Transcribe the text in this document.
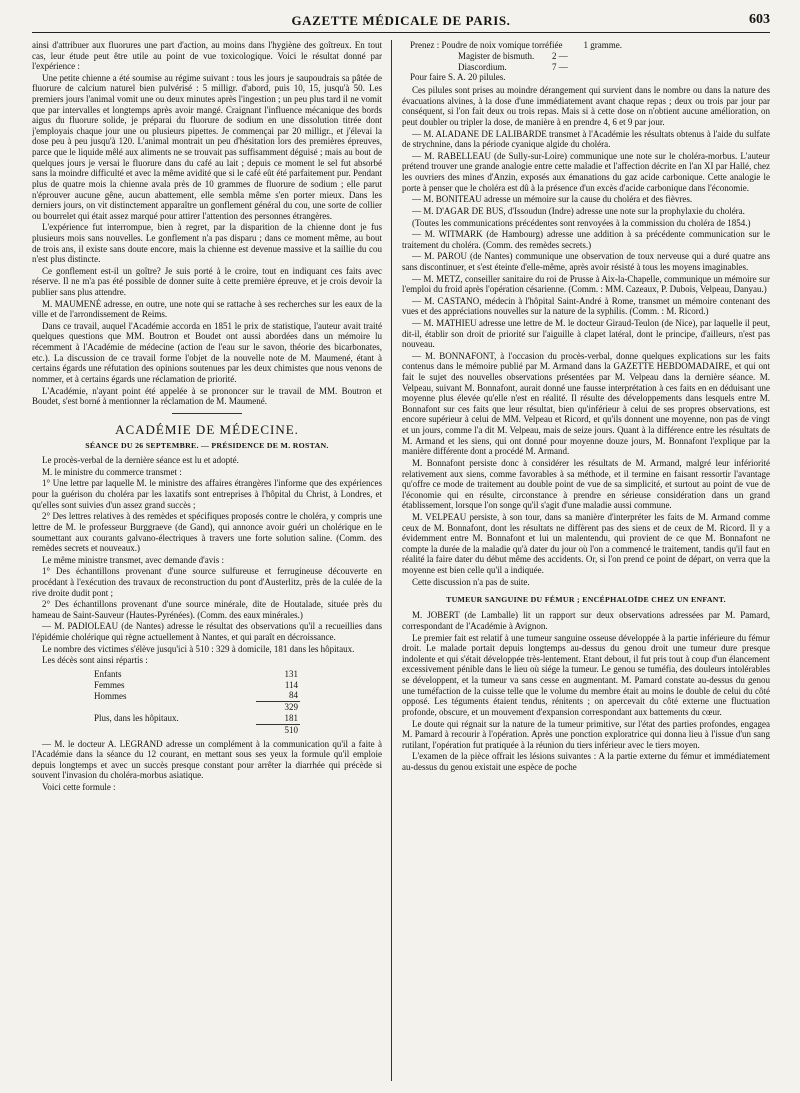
GAZETTE MÉDICALE DE PARIS.	603

ainsi d'attribuer aux fluorures une part d'action, au moins dans l'hygiène des goîtreux. En tout cas, leur étude peut être utile au point de vue toxicologique. Voici le résultat donné par l'expérience :

Une petite chienne a été soumise au régime suivant : tous les jours je saupoudrais sa pâtée de fluorure de calcium naturel bien pulvérisé : 5 milligr. d'abord, puis 10, 15, jusqu'à 50. Les premiers jours l'animal vomit une ou deux minutes après l'ingestion ; un peu plus tard il ne vomit que par intervalles et longtemps après avoir mangé. Craignant l'influence mécanique des bords aigus du fluorure solide, je préparai du fluorure de sodium en une dissolution titrée dont j'employais chaque jour une ou plusieurs pipettes. Je commençai par 20 milligr., et j'élevai la dose peu à peu jusqu'à 120. L'animal montrait un peu d'hésitation lors des premières épreuves, parce que le liquide mêlé aux aliments ne se trouvait pas suffisamment déguisé ; mais au bout de quelques jours je versai le fluorure dans du café au lait ; depuis ce moment le sel fut absorbé sans la moindre difficulté et avec la même avidité que si le café eût été parfaitement pur. Pendant plus de quatre mois la chienne avala près de 10 grammes de fluorure de sodium ; elle parut n'éprouver aucune gêne, aucun abattement, elle sembla même s'en porter mieux. Dans les derniers jours, on vit distinctement apparaître un gonflement général du cou, une sorte de collier ou bourrelet qui était assez marqué pour attirer l'attention des personnes étrangères.

L'expérience fut interrompue, bien à regret, par la disparition de la chienne dont je fus plusieurs mois sans nouvelles. Le gonflement n'a pas disparu ; dans ce moment même, au bout de trois ans, il existe sans doute encore, mais la chienne est devenue massive et la saillie du cou n'est plus distincte.

Ce gonflement est-il un goître? Je suis porté à le croire, tout en indiquant ces faits avec réserve. Il ne m'a pas été possible de donner suite à cette première épreuve, et je crois devoir la publier sans plus attendre.

M. MAUMENÉ adresse, en outre, une note qui se rattache à ses recherches sur les eaux de la ville et de l'arrondissement de Reims.

Dans ce travail, auquel l'Académie accorda en 1851 le prix de statistique, l'auteur avait traité quelques questions que MM. Boutron et Boudet ont aussi abordées dans un mémoire lu récemment à l'Académie de médecine (action de l'eau sur le savon, théorie des bicarbonates, etc.). La discussion de ce travail forme l'objet de la nouvelle note de M. Maumené, étant à certains égards une réfutation des opinions soutenues par les deux chimistes que nous venons de nommer, et à certains égards une réclamation de priorité.

L'Académie, n'ayant point été appelée à se prononcer sur le travail de MM. Boutron et Boudet, s'est borné à mentionner la réclamation de M. Maumené.

ACADÉMIE DE MÉDECINE.
SÉANCE DU 26 SEPTEMBRE. — PRÉSIDENCE DE M. ROSTAN.

Le procès-verbal de la dernière séance est lu et adopté.

M. le ministre du commerce transmet :

1° Une lettre par laquelle M. le ministre des affaires étrangères l'informe que des expériences pour la guérison du choléra par les laxatifs sont entreprises à l'hôpital du Christ, à Londres, et qu'elles sont suivies d'un assez grand succès ;

2° Des lettres relatives à des remèdes et spécifiques proposés contre le choléra, y compris une lettre de M. le professeur Burggraeve (de Gand), qui annonce avoir guéri un cholérique en le soumettant aux courants galvano-électriques à travers une forte solution saline. (Comm. des remèdes secrets et nouveaux.)

Le même ministre transmet, avec demande d'avis :

1° Des échantillons provenant d'une source sulfureuse et ferrugineuse découverte en procédant à l'exécution des travaux de reconstruction du pont d'Austerlitz, près de la culée de la rive droite dudit pont ;

2° Des échantillons provenant d'une source minérale, dite de Houtalade, située près du hameau de Saint-Sauveur (Hautes-Pyrénées). (Comm. des eaux minérales.)

— M. PADIOLEAU (de Nantes) adresse le résultat des observations qu'il a recueillies dans l'épidémie cholérique qui règne actuellement à Nantes, et qui paraît en décroissance.

Le nombre des victimes s'élève jusqu'ici à 510 : 329 à domicile, 181 dans les hôpitaux.

Les décès sont ainsi répartis :

Enfants	131
Femmes	114
Hommes	84
	329
Plus, dans les hôpitaux.	181
	510

— M. le docteur A. LEGRAND adresse un complément à la communication qu'il a faite à l'Académie dans la séance du 12 courant, en mettant sous ses yeux la formule qu'il emploie depuis longtemps et avec un succès presque constant pour arrêter la diarrhée qui précède si souvent l'invasion du choléra-morbus asiatique.

Voici cette formule :

Prenez : Poudre de noix vomique torréfiée 1 gramme.
Magister de bismuth. 2 —
Diascordium.	7 —
Pour faire S. A. 20 pilules.

Ces pilules sont prises au moindre dérangement qui survient dans le nombre ou dans la nature des évacuations alvines, à la dose d'une immédiatement avant chaque repas ; deux ou trois par jour par conséquent, si l'on fait deux ou trois repas. Mais si à cette dose on n'obtient aucune amélioration, on peut doubler ou tripler la dose, de manière à en prendre 4, 6 et 9 par jour.

— M. ALADANE DE LALIBARDE transmet à l'Académie les résultats obtenus à l'aide du sulfate de strychnine, dans la période cyanique algide du choléra.

— M. RABELLEAU (de Sully-sur-Loire) communique une note sur le choléra-morbus. L'auteur prétend trouver une grande analogie entre cette maladie et l'affection décrite en l'an XI par Hallé, chez les ouvriers des mines d'Anzin, exposés aux émanations du gaz acide carbonique. Cette analogie le porte à penser que le choléra est dû à la présence d'un excès d'acide carbonique dans l'économie.

— M. BONITEAU adresse un mémoire sur la cause du choléra et des fièvres.

— M. D'AGAR DE BUS, d'Issoudun (Indre) adresse une note sur la prophylaxie du choléra.

(Toutes les communications précédentes sont renvoyées à la commission du choléra de 1854.)

— M. WITMARK (de Hambourg) adresse une addition à sa précédente communication sur le traitement du choléra. (Comm. des remèdes secrets.)

— M. PAROU (de Nantes) communique une observation de toux nerveuse qui a duré quatre ans sans discontinuer, et s'est éteinte d'elle-même, après avoir résisté à tous les moyens imaginables.

— M. METZ, conseiller sanitaire du roi de Prusse à Aix-la-Chapelle, communique un mémoire sur l'emploi du froid après l'opération césarienne. (Comm. : MM. Cazeaux, P. Dubois, Velpeau, Danyau.)

— M. CASTANO, médecin à l'hôpital Saint-André à Rome, transmet un mémoire contenant des vues et des appréciations nouvelles sur la nature de la syphilis. (Comm. : M. Ricord.)

— M. MATHIEU adresse une lettre de M. le docteur Giraud-Teulon (de Nice), par laquelle il peut, dit-il, établir son droit de priorité sur l'aiguille à clapet latéral, dont le principe, d'ailleurs, n'est pas nouveau.

— M. BONNAFONT, à l'occasion du procès-verbal, donne quelques explications sur les faits contenus dans le mémoire publié par M. Armand dans la GAZETTE HEBDOMADAIRE, et qui ont fait le sujet des nouvelles observations présentées par M. Velpeau dans la dernière séance. M. Velpeau, suivant M. Bonnafont, aurait donné une fausse interprétation à ces faits en en déduisant une moyenne plus élevée qu'elle n'est en réalité. Il résulte des développements dans lesquels entre M. Bonnafont sur ces faits que leur résultat, bien qu'inférieur à celui de ses propres observations, est encore supérieur à celui de MM. Velpeau et Ricord, et qu'ils donnent une moyenne, non pas de vingt et un jours, comme l'a dit M. Velpeau, mais de seize jours. Quant à la différence entre les résultats de M. Armand et les siens, qui ont donné pour moyenne douze jours, M. Bonnafont l'explique par la manière différente dont a procédé M. Armand.

M. Bonnafont persiste donc à considérer les résultats de M. Armand, malgré leur infériorité relativement aux siens, comme favorables à sa méthode, et il termine en faisant ressortir l'avantage qu'offre ce mode de traitement au double point de vue de sa simplicité, et surtout au point de vue de l'économie qui en résulte, circonstance à prendre en sérieuse considération dans un grand établissement, lorsque l'on songe qu'il s'agit d'une maladie aussi commune.

M. VELPEAU persiste, à son tour, dans sa manière d'interpréter les faits de M. Armand comme ceux de M. Bonnafont, dont les résultats ne diffèrent pas des siens et de ceux de M. Ricord. Il y a évidemment entre M. Bonnafont et lui un malentendu, qui provient de ce que M. Bonnafont ne compte la durée de la maladie qu'à dater du jour où l'on a commencé le traitement, tandis qu'il faut en réalité la faire dater du début même des accidents. Or, si l'on prend ce point de départ, on verra que la moyenne est bien celle qu'il a indiquée.

Cette discussion n'a pas de suite.

TUMEUR SANGUINE DU FÉMUR ; ENCÉPHALOÏDE CHEZ UN ENFANT.

M. JOBERT (de Lamballe) lit un rapport sur deux observations adressées par M. Pamard, correspondant de l'Académie à Avignon.

Le premier fait est relatif à une tumeur sanguine osseuse développée à la partie inférieure du fémur droit. Le malade portait depuis longtemps au-dessus du genou droit une tumeur dure presque indolente et qui s'était développée très-lentement. Etant debout, il fut pris tout à coup d'un élancement excessivement pénible dans le lieu où siége la tumeur. Le genou se tuméfia, des douleurs intolérables se développent, et la tumeur va sans cesse en augmentant. M. Pamard constate au-dessus du genou une tuméfaction de la cuisse telle que le volume du membre était au moins le double de celui du côté opposé. Les téguments étaient tendus, rénitents ; on apercevait du côté externe une fluctuation profonde, obscure, et un mouvement d'expansion correspondant aux battements du cœur.

Le doute qui régnait sur la nature de la tumeur primitive, sur l'état des parties profondes, engagea M. Pamard à recourir à l'opération. Après une ponction exploratrice qui donna lieu à l'issue d'un sang rutilant, l'opération fut pratiquée à la réunion du tiers inférieur avec le tiers moyen.

L'examen de la pièce offrait les lésions suivantes : A la partie externe du fémur et immédiatement au-dessus du genou existait une espèce de poche
